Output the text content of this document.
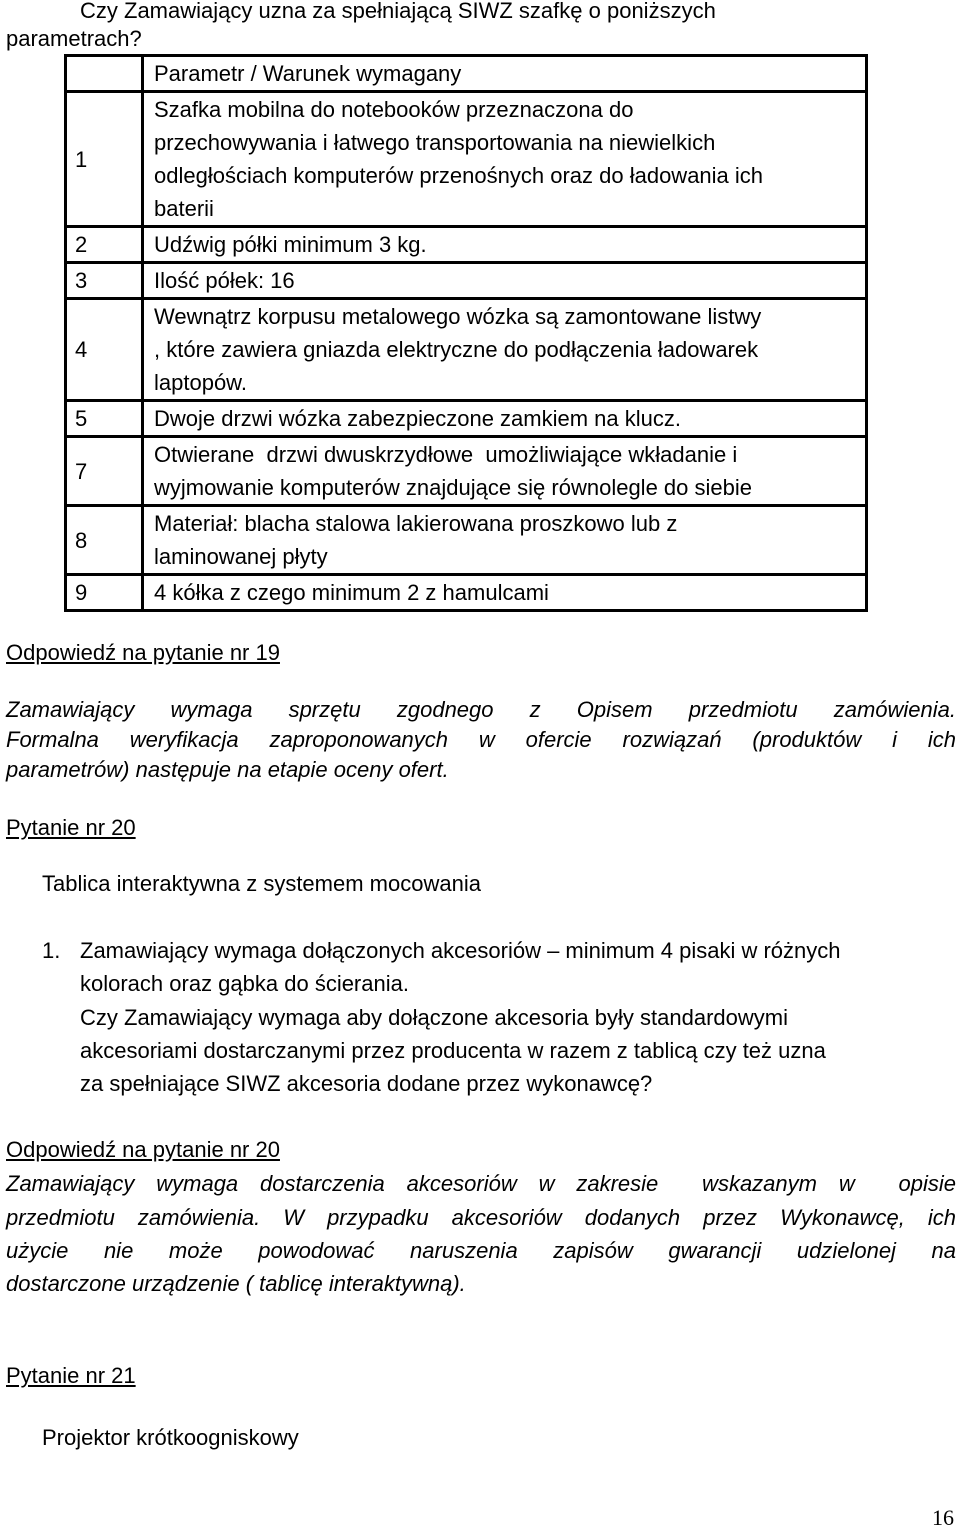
Czy Zamawiający uzna za spełniającą SIWZ szafkę o poniższych
parametrach?
	Parametr / Warunek wymagany
1	Szafka mobilna do notebooków przeznaczona do
przechowywania i łatwego transportowania na niewielkich
odległościach komputerów przenośnych oraz do ładowania ich
baterii

2	Udźwig półki minimum 3 kg.

3	Ilość półek: 16

4	Wewnątrz korpusu metalowego wózka są zamontowane listwy
, które zawiera gniazda elektryczne do podłączenia ładowarek
laptopów.

5	Dwoje drzwi wózka zabezpieczone zamkiem na klucz.

7	Otwierane  drzwi dwuskrzydłowe  umożliwiające wkładanie i
wyjmowanie komputerów znajdujące się równolegle do siebie

8	Materiał: blacha stalowa lakierowana proszkowo lub z
laminowanej płyty

9	4 kółka z czego minimum 2 z hamulcami
Odpowiedź na pytanie nr 19
Zamawiający wymaga sprzętu zgodnego z Opisem przedmiotu zamówienia.
Formalna weryfikacja zaproponowanych w ofercie rozwiązań (produktów i ich
parametrów) następuje na etapie oceny ofert.
Pytanie nr 20
Tablica interaktywna z systemem mocowania
1. Zamawiający wymaga dołączonych akcesoriów – minimum 4 pisaki w różnych
kolorach oraz gąbka do ścierania.
Czy Zamawiający wymaga aby dołączone akcesoria były standardowymi
akcesoriami dostarczanymi przez producenta w razem z tablicą czy też uzna
za spełniające SIWZ akcesoria dodane przez wykonawcę?
Odpowiedź na pytanie nr 20
Zamawiający wymaga dostarczenia akcesoriów w zakresie  wskazanym w  opisie
przedmiotu zamówienia. W przypadku akcesoriów dodanych przez Wykonawcę, ich
użycie nie może powodować naruszenia zapisów gwarancji udzielonej na
dostarczone urządzenie ( tablicę interaktywną).
Pytanie nr 21
Projektor krótkoogniskowy
16
